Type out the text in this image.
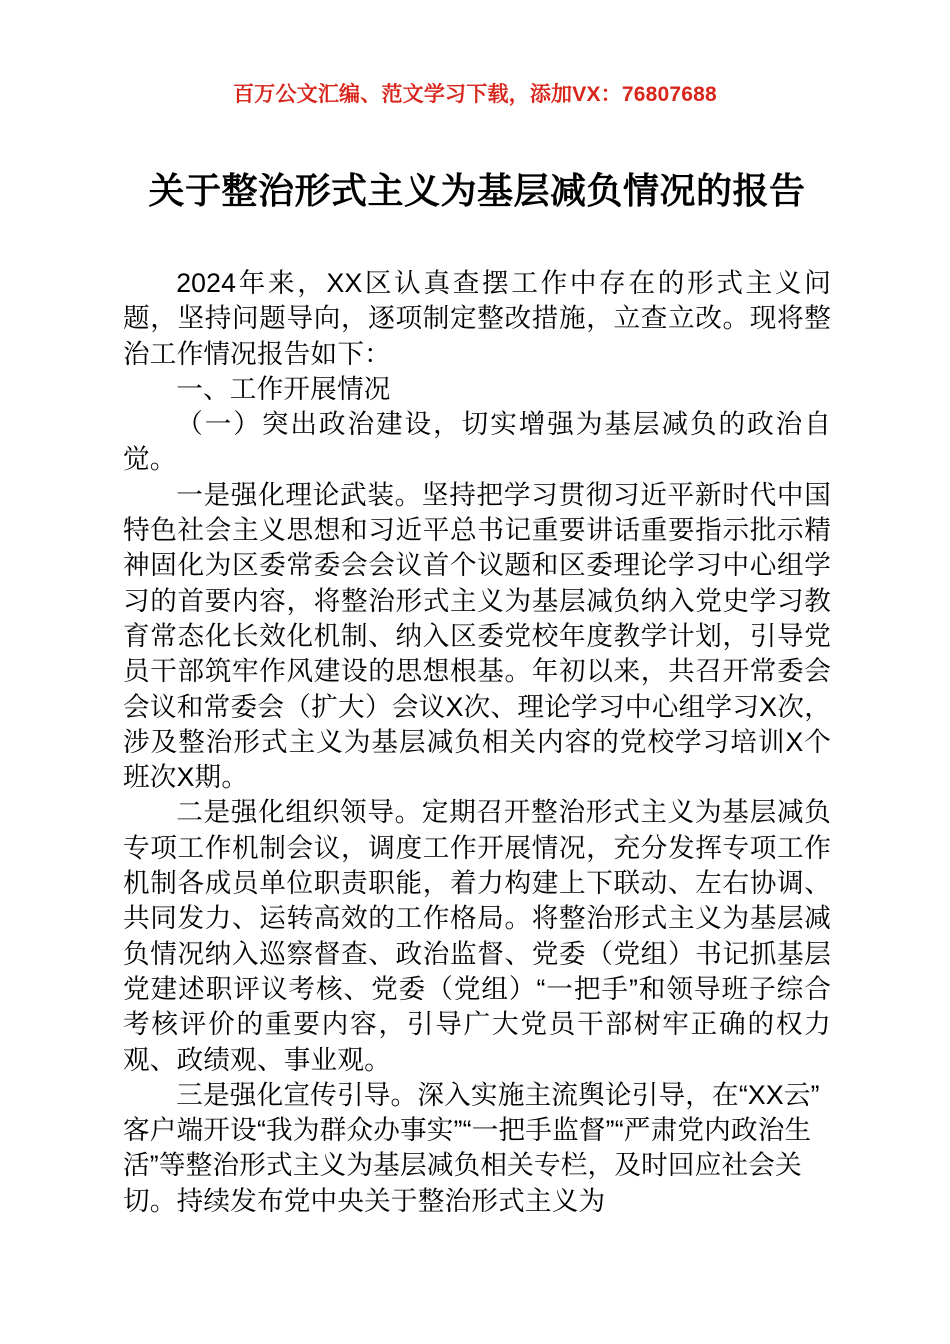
百万公文汇编、范文学习下载，添加VX：76807688
关于整治形式主义为基层减负情况的报告

2024年来，XX区认真查摆工作中存在的形式主义问题，坚持问题导向，逐项制定整改措施，立查立改。现将整治工作情况报告如下：

一、工作开展情况

（一）突出政治建设，切实增强为基层减负的政治自觉。

一是强化理论武装。坚持把学习贯彻习近平新时代中国特色社会主义思想和习近平总书记重要讲话重要指示批示精神固化为区委常委会会议首个议题和区委理论学习中心组学习的首要内容，将整治形式主义为基层减负纳入党史学习教育常态化长效化机制、纳入区委党校年度教学计划，引导党员干部筑牢作风建设的思想根基。年初以来，共召开常委会会议和常委会（扩大）会议X次、理论学习中心组学习X次，涉及整治形式主义为基层减负相关内容的党校学习培训X个班次X期。

二是强化组织领导。定期召开整治形式主义为基层减负专项工作机制会议，调度工作开展情况，充分发挥专项工作机制各成员单位职责职能，着力构建上下联动、左右协调、共同发力、运转高效的工作格局。将整治形式主义为基层减负情况纳入巡察督查、政治监督、党委（党组）书记抓基层党建述职评议考核、党委（党组）“一把手”和领导班子综合考核评价的重要内容，引导广大党员干部树牢正确的权力观、政绩观、事业观。

三是强化宣传引导。深入实施主流舆论引导，在“XX云”客户端开设“我为群众办事实”“一把手监督”“严肃党内政治生活”等整治形式主义为基层减负相关专栏，及时回应社会关切。持续发布党中央关于整治形式主义为
